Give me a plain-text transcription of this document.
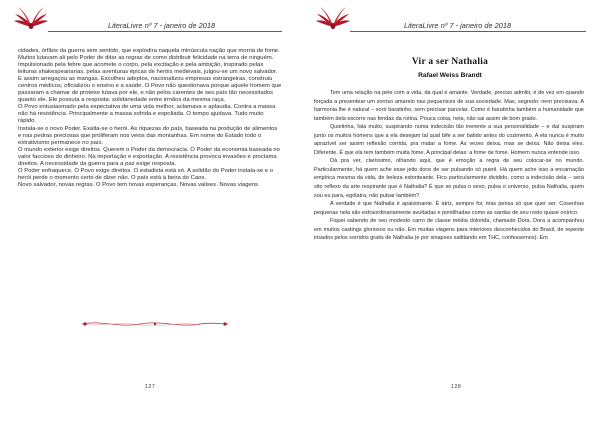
LiteraLivre nº 7 - janeiro de 2018

cidades, órfãos da guerra sem sentido, que explodira naquela minúscula nação que morria de fome. Muitos lutavam ali pelo Poder de ditar as regras de como distribuir felicidade na terra de ninguém.

Impulsionado pela febre que acomete o corpo, pela excitação e pela ambição, inspirado pelas leituras shakespearianas, pelas aventuras épicas de heróis medievais, julgou-se um novo salvador. E assim arregaçou as mangas. Escolheu adeptos, nacionalizou empresas estrangeiras, construiu centros médicos, oficializou o ensino e a saúde. O Povo não questionava porque aquele homem que passaram a chamar de protetor lutava por ele, e não pelos carentes de seu país tão necessitados quanto ele. Ele possuía a resposta: solidariedade entre irmãos da mesma raça.

O Povo entusiasmado pela expectativa de uma vida melhor, aclamava e aplaudia. Contra a massa não há resistência. Principalmente a massa sofrida e espoliada. O tempo ajudava. Tudo muito rápido.

Instala-se o novo Poder. Exalta-se o herói. As riquezas do país, baseada na produção de alimentos e nas pedras preciosas que proliferam nos veios das montanhas. Em nome do Estado todo o extrativismo permanece no país.

O mundo exterior exige direitos. Querem o Poder da democracia. O Poder da economia baseada no valor faccioso do dinheiro. Na importação e exportação. A resistência provoca invasões e proclama direitos. A necessidade da guerra para a paz exige resposta.

O Poder enfraquece. O Povo exige direitos. O estadista está só. A solidão do Poder instala-se e o herói perde o momento certo de dizer não. O país está à beira do Caos.

Novo salvador, novas regras. O Povo tem novas esperanças. Novas valises. Novas viagens.

127
LiteraLivre nº 7 - janeiro de 2018
Vir a ser Nathalia
Rafael Weiss Brandt

Tem uma relação na pele com a vida, da qual é amante. Verdade, preciso admitir, é de vez em quando forçada a presentear um sorriso amarelo nas pequenices de sua sociedade. Mas, segredo: nem precisava. A harmonia lhe é natural – sorri baratinho, sem precisar parcelar. Como é baratinha também a humanidade que também dela escorre nas fendas da rotina. Pouca coisa, nela, não sai assim de bom grado.

Quietinha, fala muito, suspirando numa indecisão tão inerente a sua personalidade – e daí suspiram junto os muitos homens que a ela desejam tal qual bife a ser batido antes do cozimento. A ela nunca é muito aprazível ser assim reflexão corrida, pra matar a fome. As vezes deixa, mas se deixa. Não deixa eles. Diferente. É que ela tem também muita fome. A principal delas: a fome de fome. Homem nunca entende isso.

Dá pra ver, claríssimo, olhando aqui, que é emoção a regra de seu colocar-se no mundo. Particularmente, há quem ache esse jeito doce de ser pulsando só pueril. Há quem ache isso a encarnação empírica mesma da vida, de beleza estonteante. Fico particularmente dividido, como a indecisão dela – será sito reflexo da arte respirante que é Nathalia? É que se pulsa o sexo, pulsa o universo, pulsa Nathalia, quem sou eu para, ególatra, não pulsar também?

A verdade é que Nathalia é apaixonante. É atriz, sempre foi, mas pensa só que quer ser. Cosenhas pequenas nela são extraordinariamente avultadas e pontilhadas como as sardas de seu rosto quase onírico.

Fiquei sabendo de seu modesto carro de classe média dolorida, chamado Dora. Dora a acompanhou em muitos castings gloriosos ou não. Em muitas viagens para interiores desconhecidos do Brasil, de repente irisados pelos sorridos gratis de Nathalia (e por sinapses saltitando em THC, confessemos). Em

128
